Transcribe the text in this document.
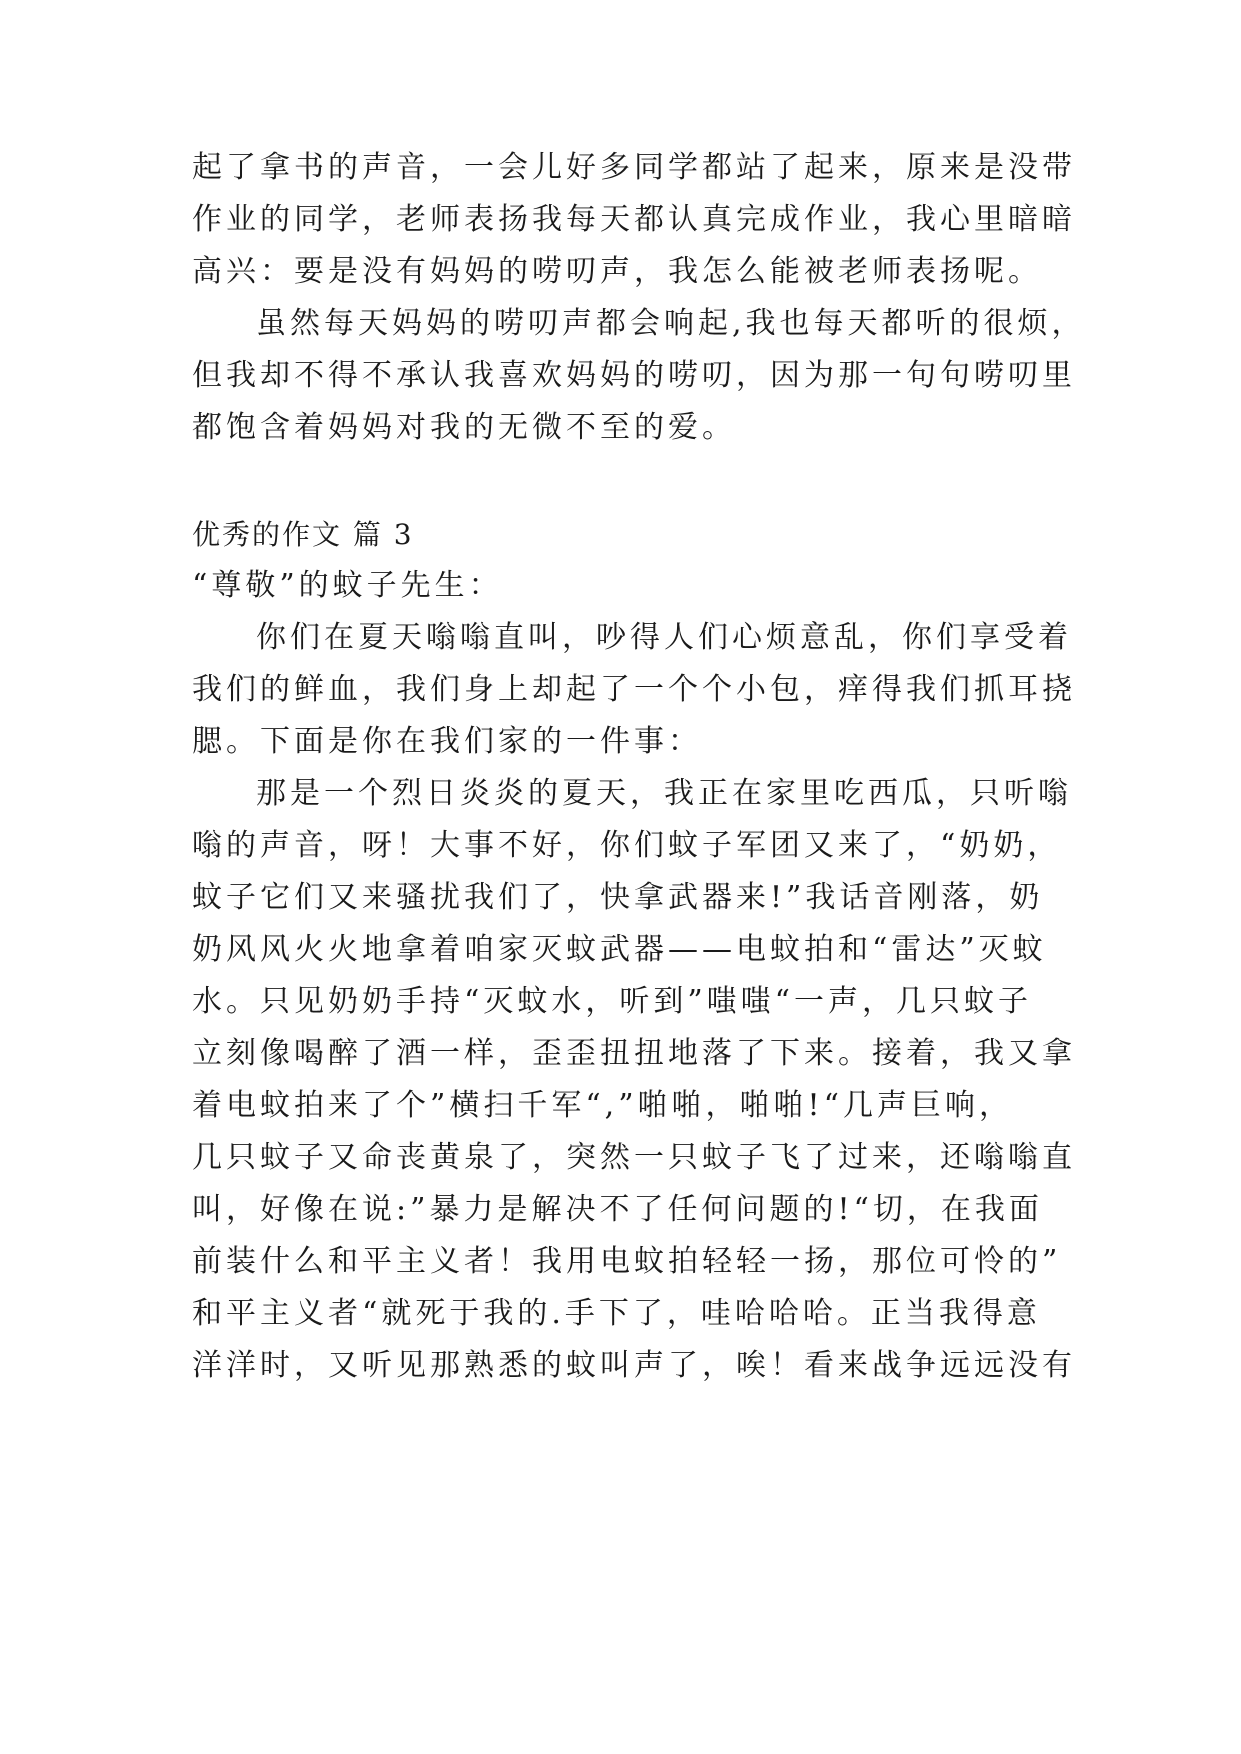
起了拿书的声音，一会儿好多同学都站了起来，原来是没带
作业的同学，老师表扬我每天都认真完成作业，我心里暗暗
高兴：要是没有妈妈的唠叨声，我怎么能被老师表扬呢。
虽然每天妈妈的唠叨声都会响起,我也每天都听的很烦，
但我却不得不承认我喜欢妈妈的唠叨，因为那一句句唠叨里
都饱含着妈妈对我的无微不至的爱。
优秀的作文 篇 3
“尊敬”的蚊子先生：
你们在夏天嗡嗡直叫，吵得人们心烦意乱，你们享受着
我们的鲜血，我们身上却起了一个个小包，痒得我们抓耳挠
腮。下面是你在我们家的一件事：
那是一个烈日炎炎的夏天，我正在家里吃西瓜，只听嗡
嗡的声音，呀！大事不好，你们蚊子军团又来了，“奶奶，
蚊子它们又来骚扰我们了，快拿武器来!”我话音刚落，奶
奶风风火火地拿着咱家灭蚊武器——电蚊拍和“雷达”灭蚊
水。只见奶奶手持“灭蚊水，听到”嗤嗤“一声，几只蚊子
立刻像喝醉了酒一样，歪歪扭扭地落了下来。接着，我又拿
着电蚊拍来了个”横扫千军“,”啪啪，啪啪!“几声巨响，
几只蚊子又命丧黄泉了，突然一只蚊子飞了过来，还嗡嗡直
叫，好像在说:”暴力是解决不了任何问题的!“切，在我面
前装什么和平主义者！我用电蚊拍轻轻一扬，那位可怜的”
和平主义者“就死于我的.手下了，哇哈哈哈。正当我得意
洋洋时，又听见那熟悉的蚊叫声了，唉！看来战争远远没有
